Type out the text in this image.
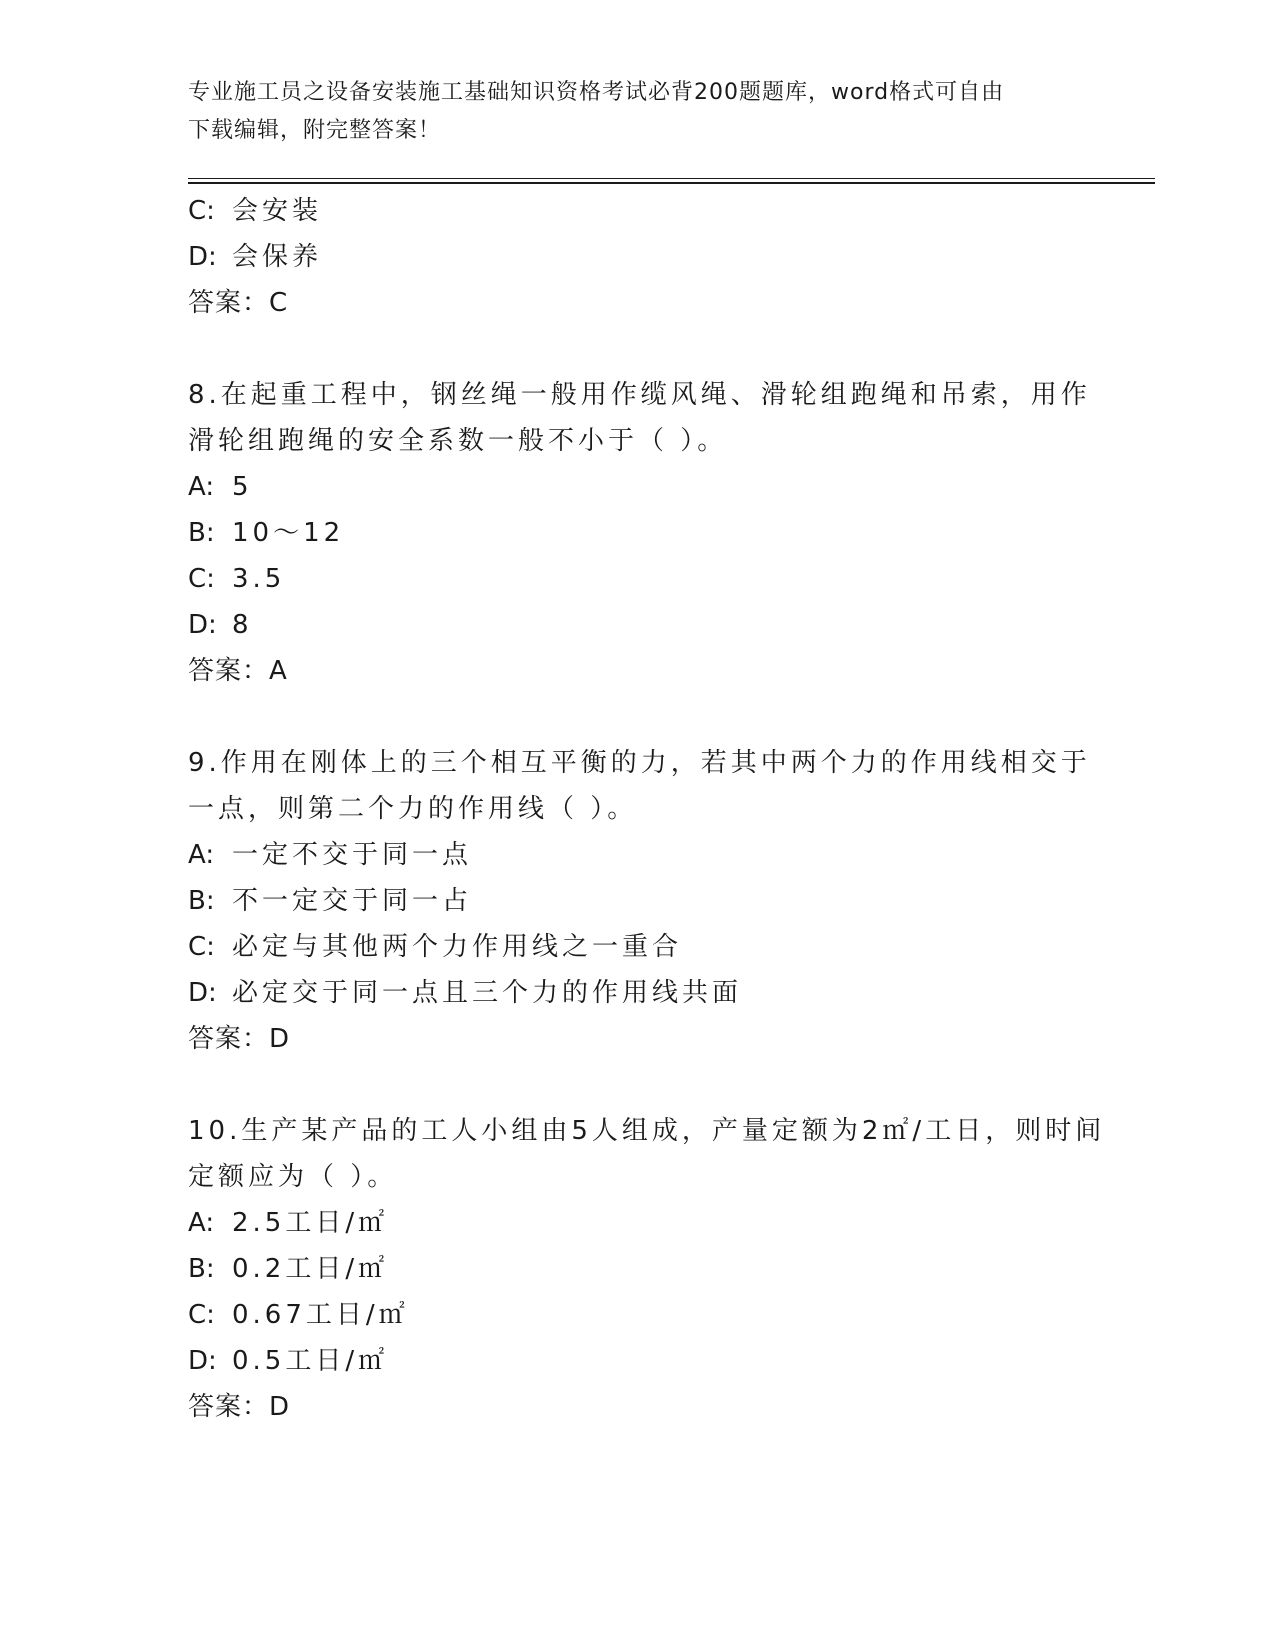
专业施工员之设备安装施工基础知识资格考试必背200题题库，word格式可自由
下载编辑，附完整答案！
C: 会安装
D: 会保养
答案：C
8.在起重工程中，钢丝绳一般用作缆风绳、滑轮组跑绳和吊索，用作
滑轮组跑绳的安全系数一般不小于（ ）。
A: 5
B: 10～12
C: 3.5
D: 8
答案：A
9.作用在刚体上的三个相互平衡的力，若其中两个力的作用线相交于
一点，则第二个力的作用线（ ）。
A: 一定不交于同一点
B: 不一定交于同一占
C: 必定与其他两个力作用线之一重合
D: 必定交于同一点且三个力的作用线共面
答案：D
10.生产某产品的工人小组由5人组成，产量定额为2㎡/工日，则时间
定额应为（ ）。
A: 2.5工日/㎡
B: 0.2工日/㎡
C: 0.67工日/㎡
D: 0.5工日/㎡
答案：D
